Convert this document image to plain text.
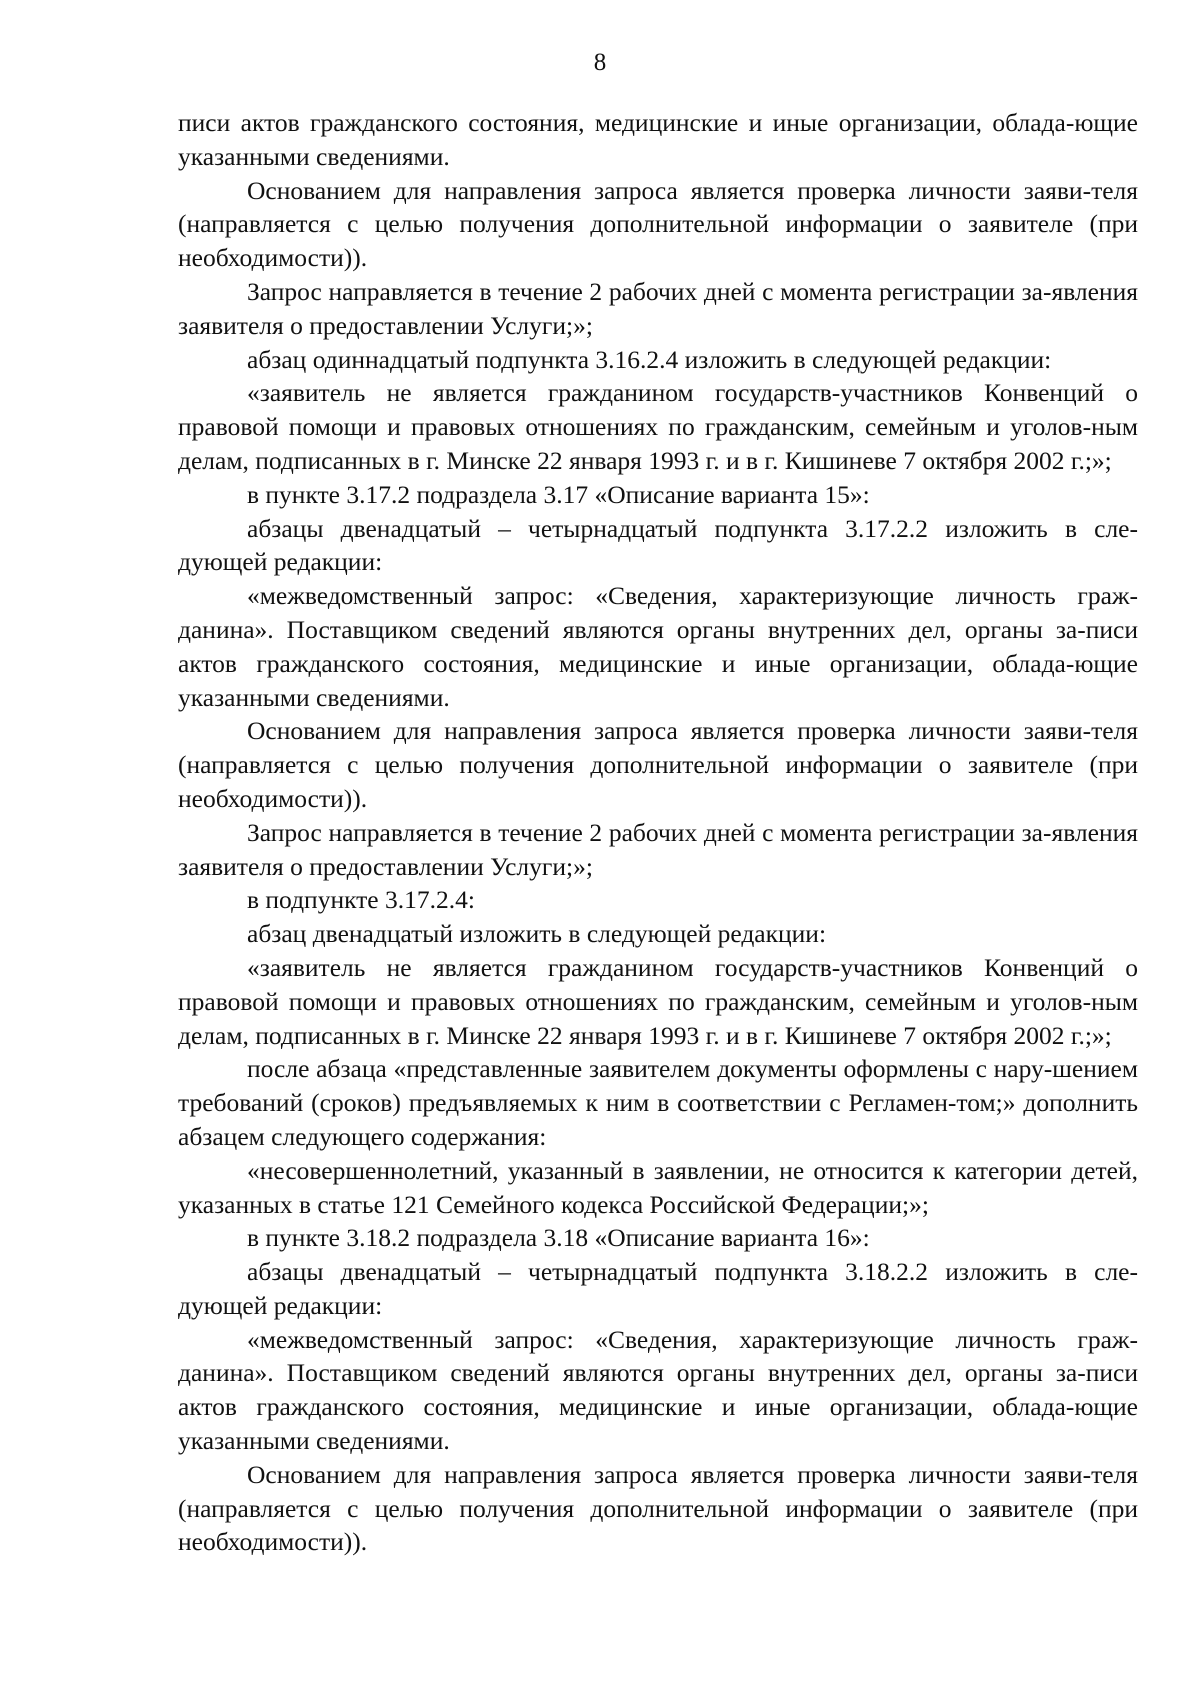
8

писи актов гражданского состояния, медицинские и иные организации, облада-ющие указанными сведениями.

Основанием для направления запроса является проверка личности заяви-теля (направляется с целью получения дополнительной информации о заявителе (при необходимости)).

Запрос направляется в течение 2 рабочих дней с момента регистрации за-явления заявителя о предоставлении Услуги;»;

абзац одиннадцатый подпункта 3.16.2.4 изложить в следующей редакции:

«заявитель не является гражданином государств-участников Конвенций о правовой помощи и правовых отношениях по гражданским, семейным и уголов-ным делам, подписанных в г. Минске 22 января 1993 г. и в г. Кишиневе 7 октября 2002 г.;»;

в пункте 3.17.2 подраздела 3.17 «Описание варианта 15»:

абзацы двенадцатый – четырнадцатый подпункта 3.17.2.2 изложить в сле-дующей редакции:

«межведомственный запрос: «Сведения, характеризующие личность граж-данина». Поставщиком сведений являются органы внутренних дел, органы за-писи актов гражданского состояния, медицинские и иные организации, облада-ющие указанными сведениями.

Основанием для направления запроса является проверка личности заяви-теля (направляется с целью получения дополнительной информации о заявителе (при необходимости)).

Запрос направляется в течение 2 рабочих дней с момента регистрации за-явления заявителя о предоставлении Услуги;»;

в подпункте 3.17.2.4:

абзац двенадцатый изложить в следующей редакции:

«заявитель не является гражданином государств-участников Конвенций о правовой помощи и правовых отношениях по гражданским, семейным и уголов-ным делам, подписанных в г. Минске 22 января 1993 г. и в г. Кишиневе 7 октября 2002 г.;»;

после абзаца «представленные заявителем документы оформлены с нару-шением требований (сроков) предъявляемых к ним в соответствии с Регламен-том;» дополнить абзацем следующего содержания:

«несовершеннолетний, указанный в заявлении, не относится к категории детей, указанных в статье 121 Семейного кодекса Российской Федерации;»;

в пункте 3.18.2 подраздела 3.18 «Описание варианта 16»:

абзацы двенадцатый – четырнадцатый подпункта 3.18.2.2 изложить в сле-дующей редакции:

«межведомственный запрос: «Сведения, характеризующие личность граж-данина». Поставщиком сведений являются органы внутренних дел, органы за-писи актов гражданского состояния, медицинские и иные организации, облада-ющие указанными сведениями.

Основанием для направления запроса является проверка личности заяви-теля (направляется с целью получения дополнительной информации о заявителе (при необходимости)).
